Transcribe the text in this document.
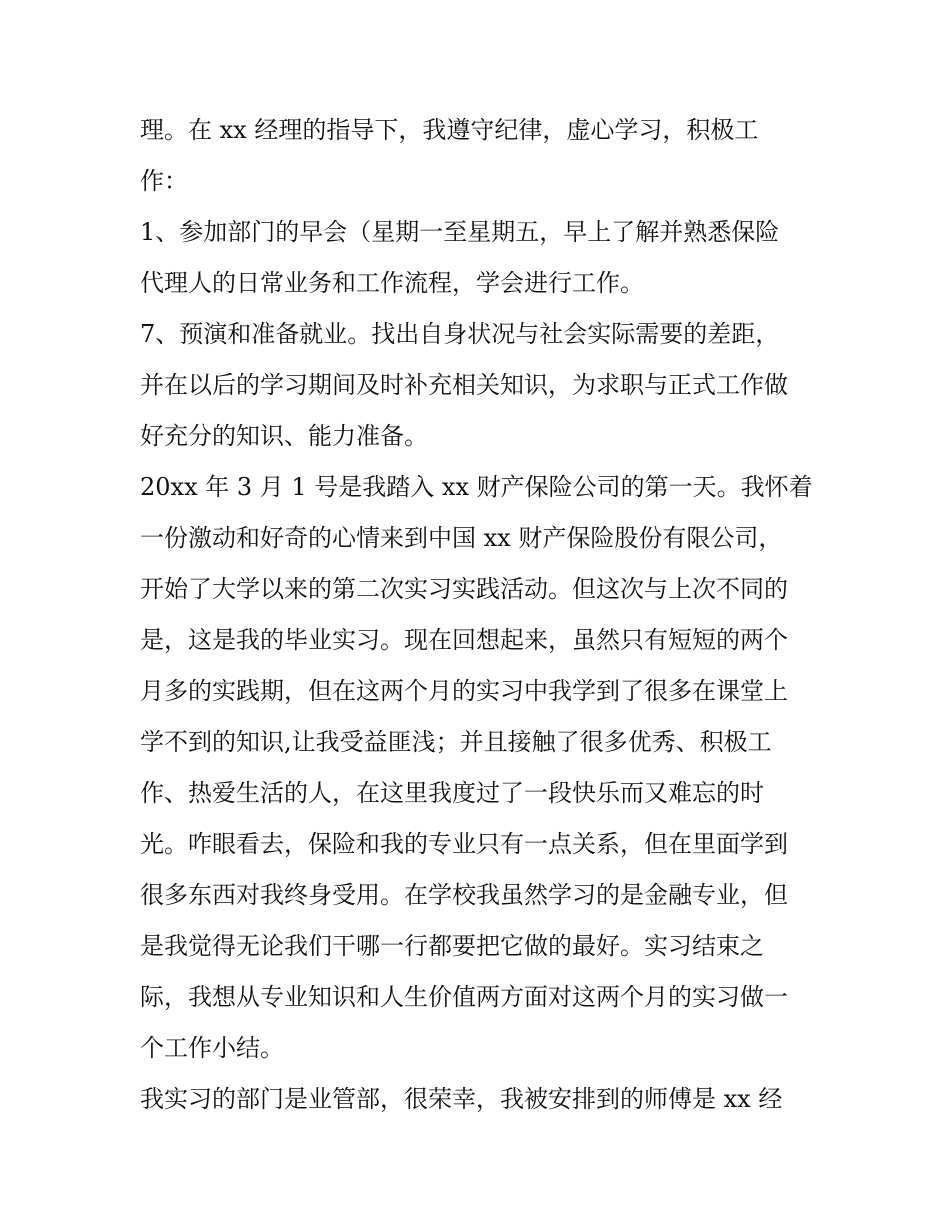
理。在 xx 经理的指导下，我遵守纪律，虚心学习，积极工
作：
1、参加部门的早会（星期一至星期五，早上了解并熟悉保险
代理人的日常业务和工作流程，学会进行工作。
7、预演和准备就业。找出自身状况与社会实际需要的差距，
并在以后的学习期间及时补充相关知识，为求职与正式工作做
好充分的知识、能力准备。
20xx 年 3 月 1 号是我踏入 xx 财产保险公司的第一天。我怀着
一份激动和好奇的心情来到中国 xx 财产保险股份有限公司，
开始了大学以来的第二次实习实践活动。但这次与上次不同的
是，这是我的毕业实习。现在回想起来，虽然只有短短的两个
月多的实践期，但在这两个月的实习中我学到了很多在课堂上
学不到的知识,让我受益匪浅；并且接触了很多优秀、积极工
作、热爱生活的人，在这里我度过了一段快乐而又难忘的时
光。咋眼看去，保险和我的专业只有一点关系，但在里面学到
很多东西对我终身受用。在学校我虽然学习的是金融专业，但
是我觉得无论我们干哪一行都要把它做的最好。实习结束之
际，我想从专业知识和人生价值两方面对这两个月的实习做一
个工作小结。
我实习的部门是业管部，很荣幸，我被安排到的师傅是 xx 经
